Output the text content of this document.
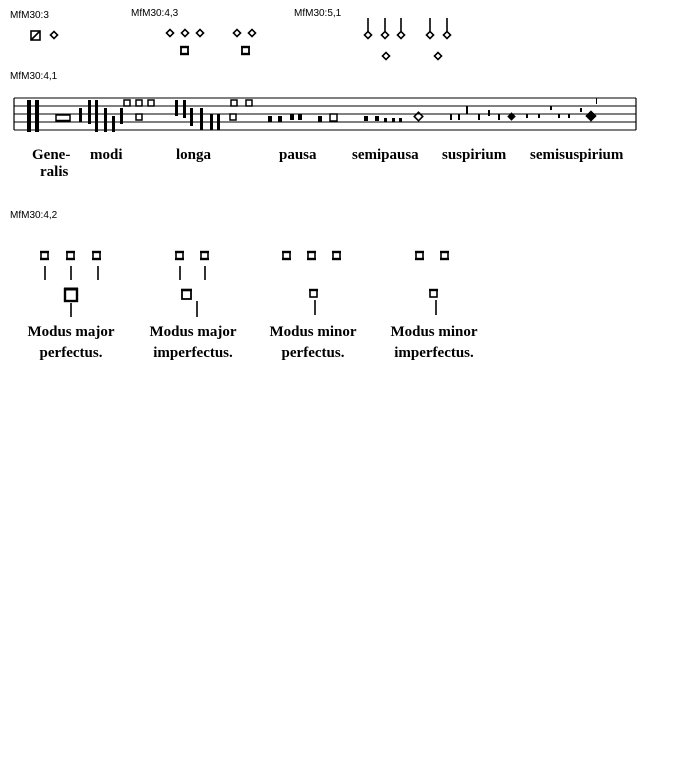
MfM30:3	MfM30:4,3	MfM30:5,1
MfM30:4,1
MfM30:4,2
Gene-
ralis
modi	longa	pausa semipausa suspirium semisuspirium
Modus major
perfectus.
Modus major
imperfectus.
Modus minor
perfectus.
Modus minor
imperfectus.
